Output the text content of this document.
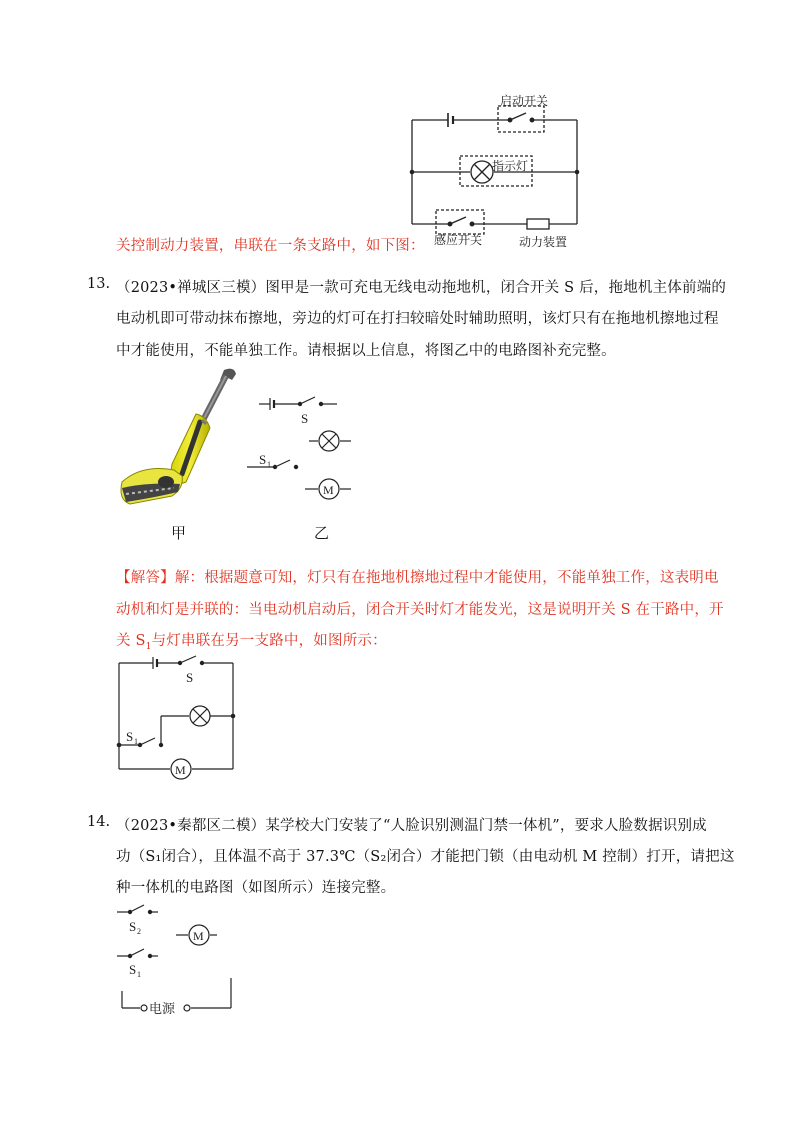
启动开关
指示灯
感应开关	动力装置
关控制动力装置，串联在一条支路中，如下图：
13. （2023•禅城区三模）图甲是一款可充电无线电动拖地机，闭合开关 S 后，拖地机主体前端的
电动机即可带动抹布擦地，旁边的灯可在打扫较暗处时辅助照明，该灯只有在拖地机擦地过程
中才能使用，不能单独工作。请根据以上信息，将图乙中的电路图补充完整。
甲
S
S 1
M
乙
【解答】解：根据题意可知，灯只有在拖地机擦地过程中才能使用，不能单独工作，这表明电
动机和灯是并联的：当电动机启动后，闭合开关时灯才能发光，这是说明开关 S 在干路中，开
关 $S_1$与灯串联在另一支路中，如图所示：
S
S 1
M
14. （2023•秦都区二模）某学校大门安装了“人脸识别测温门禁一体机”，要求人脸数据识别成
功（S₁闭合），且体温不高于 37.3℃（S₂闭合）才能把门锁（由电动机 M 控制）打开，请把这
种一体机的电路图（如图所示）连接完整。
S 2	M
S 1
电源
